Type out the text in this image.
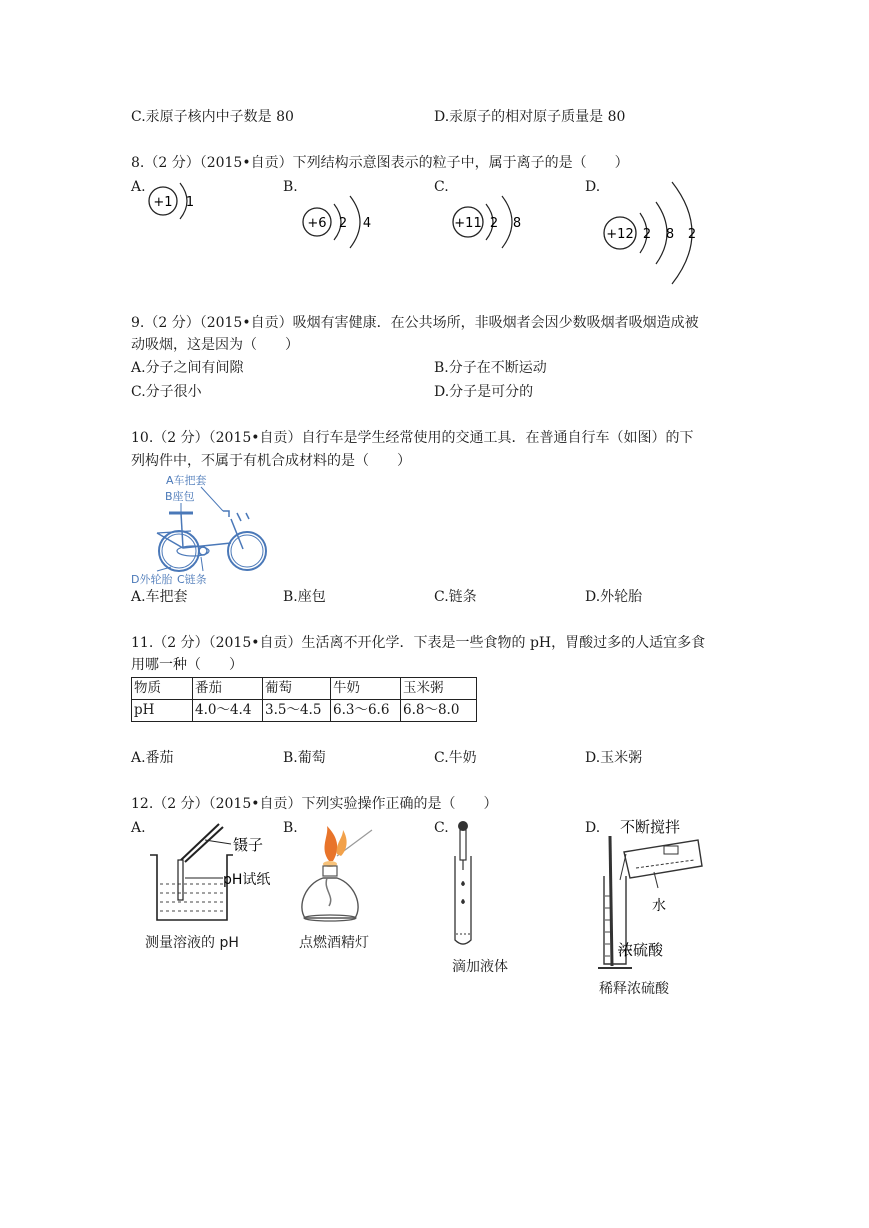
C.汞原子核内中子数是 80	D.汞原子的相对原子质量是 80
8.（2 分）（2015•自贡）下列结构示意图表示的粒子中，属于离子的是（　　）
A.	B.	C.	D.
+1 1
+6 2 4	+11 2 8
+12 2 8 2
9.（2 分）（2015•自贡）吸烟有害健康．在公共场所，非吸烟者会因少数吸烟者吸烟造成被
动吸烟，这是因为（　　）
A.分子之间有间隙	B.分子在不断运动
C.分子很小	D.分子是可分的
10.（2 分）（2015•自贡）自行车是学生经常使用的交通工具．在普通自行车（如图）的下
列构件中，不属于有机合成材料的是（　　）
A车把套
B座包
D外轮胎 C链条
A.车把套	B.座包	C.链条	D.外轮胎
11.（2 分）（2015•自贡）生活离不开化学．下表是一些食物的 pH，胃酸过多的人适宜多食
用哪一种（　　）
物质	番茄	葡萄	牛奶	玉米粥
pH	4.0～4.4	3.5～4.5	6.3～6.6	6.8～8.0
A.番茄	B.葡萄	C.牛奶	D.玉米粥
12.（2 分）（2015•自贡）下列实验操作正确的是（　　）
A.	B.	C.	D.
镊子
pH试纸
测量溶液的 pH	点燃酒精灯
滴加液体
不断搅拌
水
浓硫酸
稀释浓硫酸
